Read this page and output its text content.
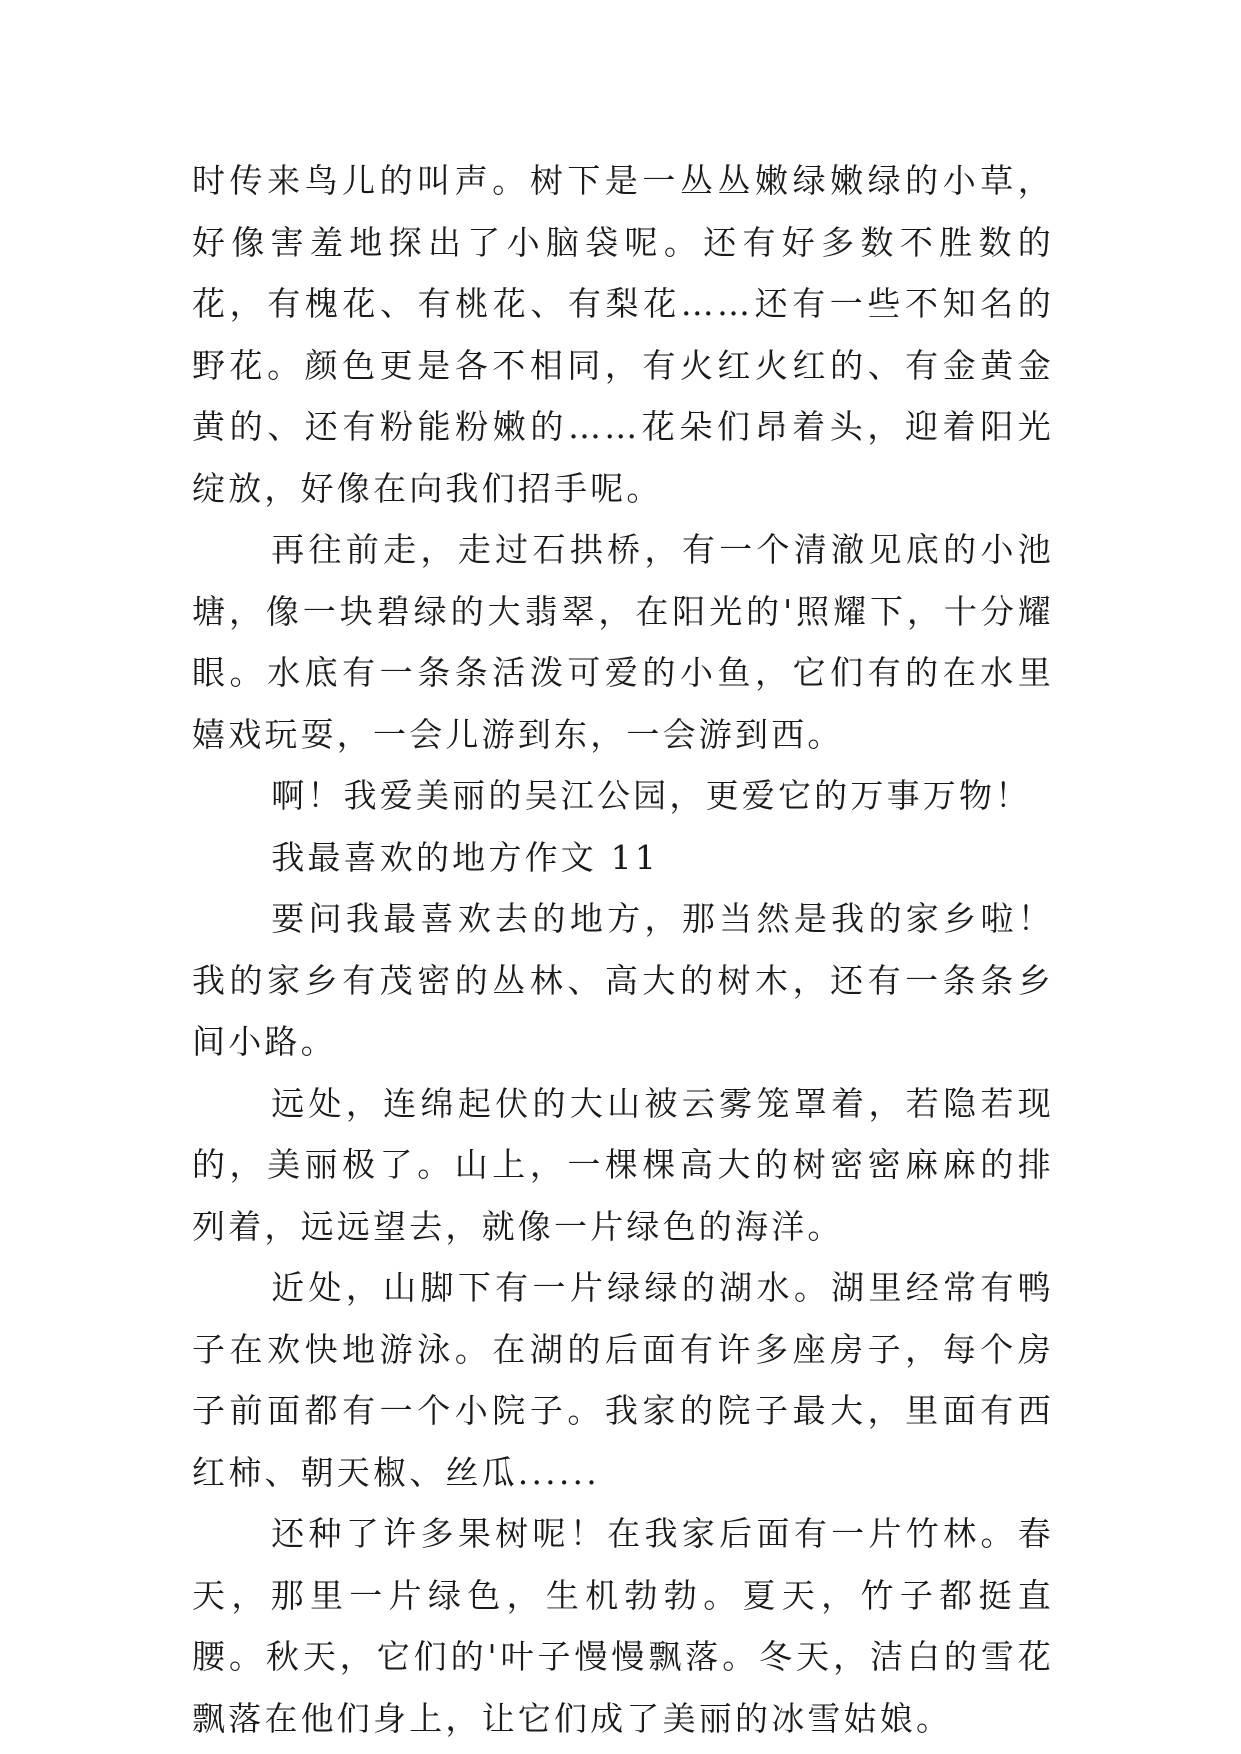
时传来鸟儿的叫声。树下是一丛丛嫩绿嫩绿的小草，好像害羞地探出了小脑袋呢。还有好多数不胜数的花，有槐花、有桃花、有梨花……还有一些不知名的野花。颜色更是各不相同，有火红火红的、有金黄金黄的、还有粉能粉嫩的……花朵们昂着头，迎着阳光绽放，好像在向我们招手呢。

再往前走，走过石拱桥，有一个清澈见底的小池塘，像一块碧绿的大翡翠，在阳光的'照耀下，十分耀眼。水底有一条条活泼可爱的小鱼，它们有的在水里嬉戏玩耍，一会儿游到东，一会游到西。

啊！我爱美丽的吴江公园，更爱它的万事万物！

我最喜欢的地方作文 11

要问我最喜欢去的地方，那当然是我的家乡啦！我的家乡有茂密的丛林、高大的树木，还有一条条乡间小路。

远处，连绵起伏的大山被云雾笼罩着，若隐若现的，美丽极了。山上，一棵棵高大的树密密麻麻的排列着，远远望去，就像一片绿色的海洋。

近处，山脚下有一片绿绿的湖水。湖里经常有鸭子在欢快地游泳。在湖的后面有许多座房子，每个房子前面都有一个小院子。我家的院子最大，里面有西红柿、朝天椒、丝瓜......

还种了许多果树呢！在我家后面有一片竹林。春天，那里一片绿色，生机勃勃。夏天，竹子都挺直腰。秋天，它们的'叶子慢慢飘落。冬天，洁白的雪花飘落在他们身上，让它们成了美丽的冰雪姑娘。
